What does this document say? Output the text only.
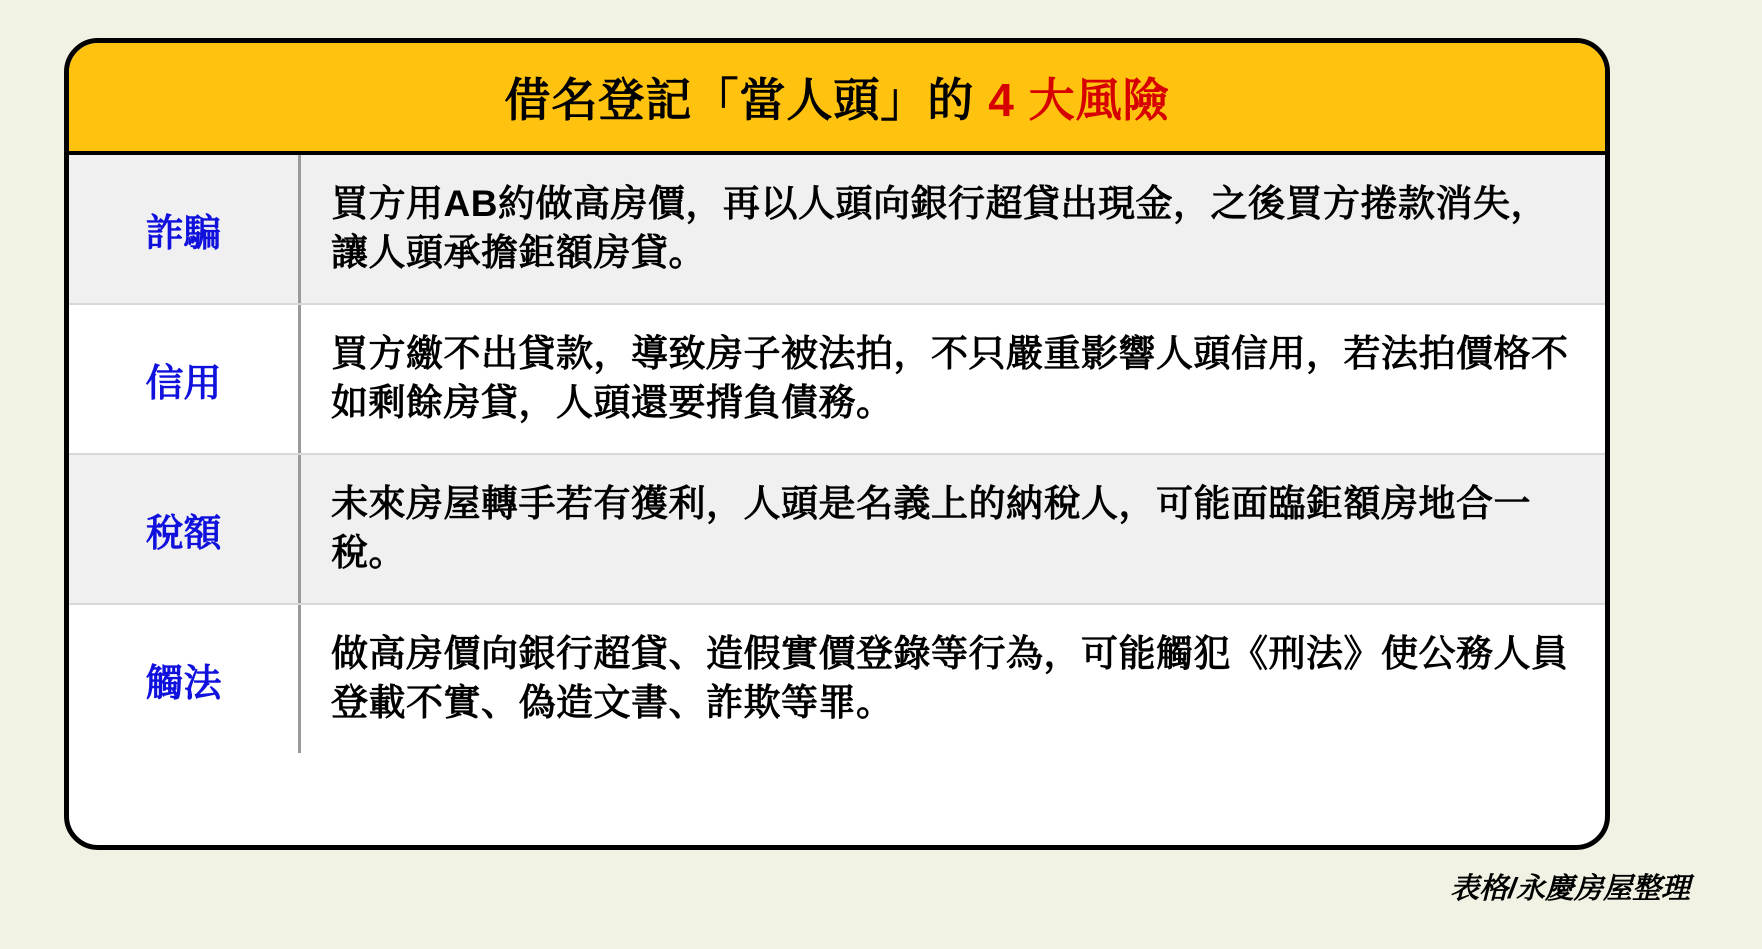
借名登記「當人頭」的 4 大風險
詐騙
買方用AB約做高房價，再以人頭向銀行超貸出現金，之後買方捲款消失，讓人頭承擔鉅額房貸。
信用
買方繳不出貸款，導致房子被法拍，不只嚴重影響人頭信用，若法拍價格不如剩餘房貸，人頭還要揹負債務。
稅額
未來房屋轉手若有獲利，人頭是名義上的納稅人，可能面臨鉅額房地合一稅。
觸法
做高房價向銀行超貸、造假實價登錄等行為，可能觸犯《刑法》使公務人員登載不實、偽造文書、詐欺等罪。
表格/永慶房屋整理
